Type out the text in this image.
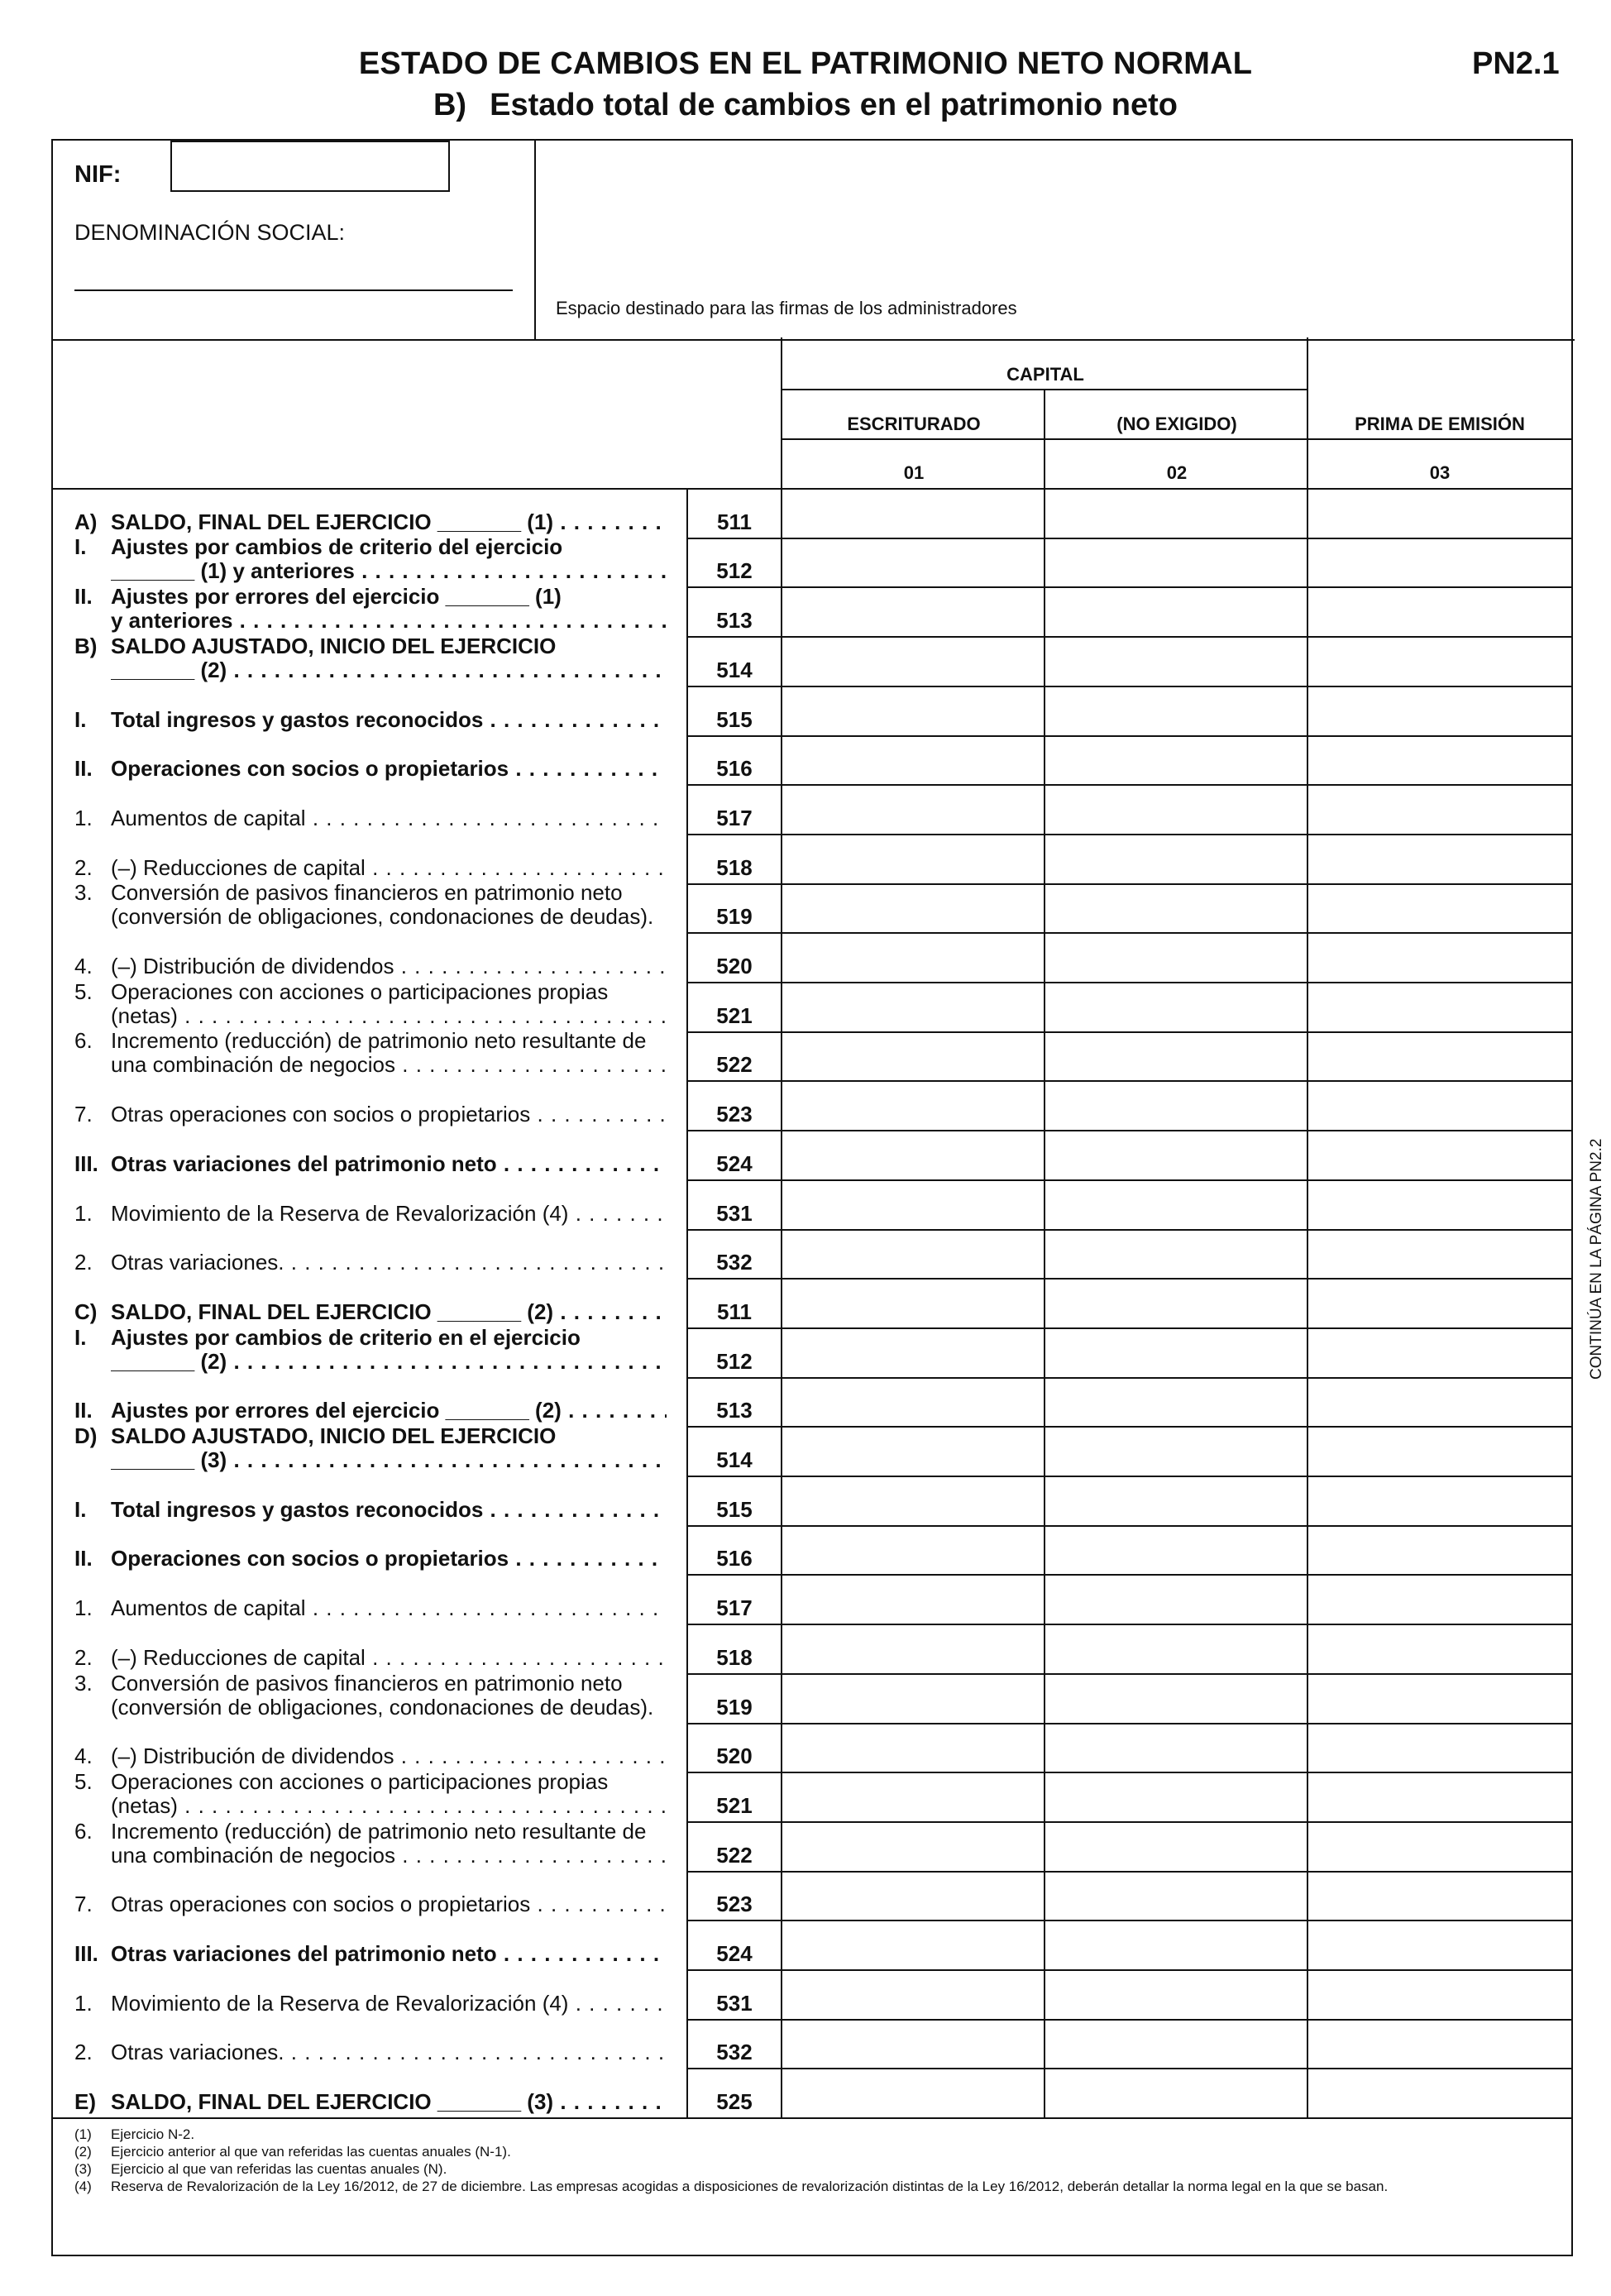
ESTADO DE CAMBIOS EN EL PATRIMONIO NETO NORMAL
B) Estado total de cambios en el patrimonio neto
PN2.1
NIF:
DENOMINACIÓN SOCIAL:
Espacio destinado para las firmas de los administradores
CAPITAL
ESCRITURADO	(NO EXIGIDO)	PRIMA DE EMISIÓN
01	02	03
A) SALDO, FINAL DEL EJERCICIO _______ (1) . . .	511
I.	Ajustes por cambios de criterio del ejercicio
_______ (1) y anteriores . . .	512
II. Ajustes por errores del ejercicio _______ (1)
y anteriores . . .	513
B) SALDO AJUSTADO, INICIO DEL EJERCICIO
_______ (2) . . .	514
I.	Total ingresos y gastos reconocidos . . .	515
II. Operaciones con socios o propietarios . . .	516
1. Aumentos de capital . . .	517
2. (–) Reducciones de capital . . .	518
3. Conversión de pasivos financieros en patrimonio neto
(conversión de obligaciones, condonaciones de deudas).	519
4. (–) Distribución de dividendos . . .	520
5. Operaciones con acciones o participaciones propias
(netas) . . .	521
6. Incremento (reducción) de patrimonio neto resultante de
una combinación de negocios . . .	522
7. Otras operaciones con socios o propietarios . . .	523
III. Otras variaciones del patrimonio neto . . .	524
1. Movimiento de la Reserva de Revalorización (4) . . .	531
2. Otras variaciones. . . .	532
C) SALDO, FINAL DEL EJERCICIO _______ (2) . . .	511
I.	Ajustes por cambios de criterio en el ejercicio
_______ (2) . . .	512
II. Ajustes por errores del ejercicio _______ (2) . . .	513
D) SALDO AJUSTADO, INICIO DEL EJERCICIO
_______ (3) . . .	514
I.	Total ingresos y gastos reconocidos . . .	515
II. Operaciones con socios o propietarios . . .	516
1. Aumentos de capital . . .	517
2. (–) Reducciones de capital . . .	518
3. Conversión de pasivos financieros en patrimonio neto
(conversión de obligaciones, condonaciones de deudas).	519
4. (–) Distribución de dividendos . . .	520
5. Operaciones con acciones o participaciones propias
(netas) . . .	521
6. Incremento (reducción) de patrimonio neto resultante de
una combinación de negocios . . .	522
7. Otras operaciones con socios o propietarios . . .	523
III. Otras variaciones del patrimonio neto . . .	524
1. Movimiento de la Reserva de Revalorización (4) . . .	531
2. Otras variaciones. . . .	532
E) SALDO, FINAL DEL EJERCICIO _______ (3) . . .	525
(1)	Ejercicio N-2.
(2)	Ejercicio anterior al que van referidas las cuentas anuales (N-1).
(3)	Ejercicio al que van referidas las cuentas anuales (N).
(4)	Reserva de Revalorización de la Ley 16/2012, de 27 de diciembre. Las empresas acogidas a disposiciones de revalorización distintas de la Ley 16/2012, deberán detallar la norma legal en la que se basan.
CONTINÚA EN LA PÁGINA PN2.2
